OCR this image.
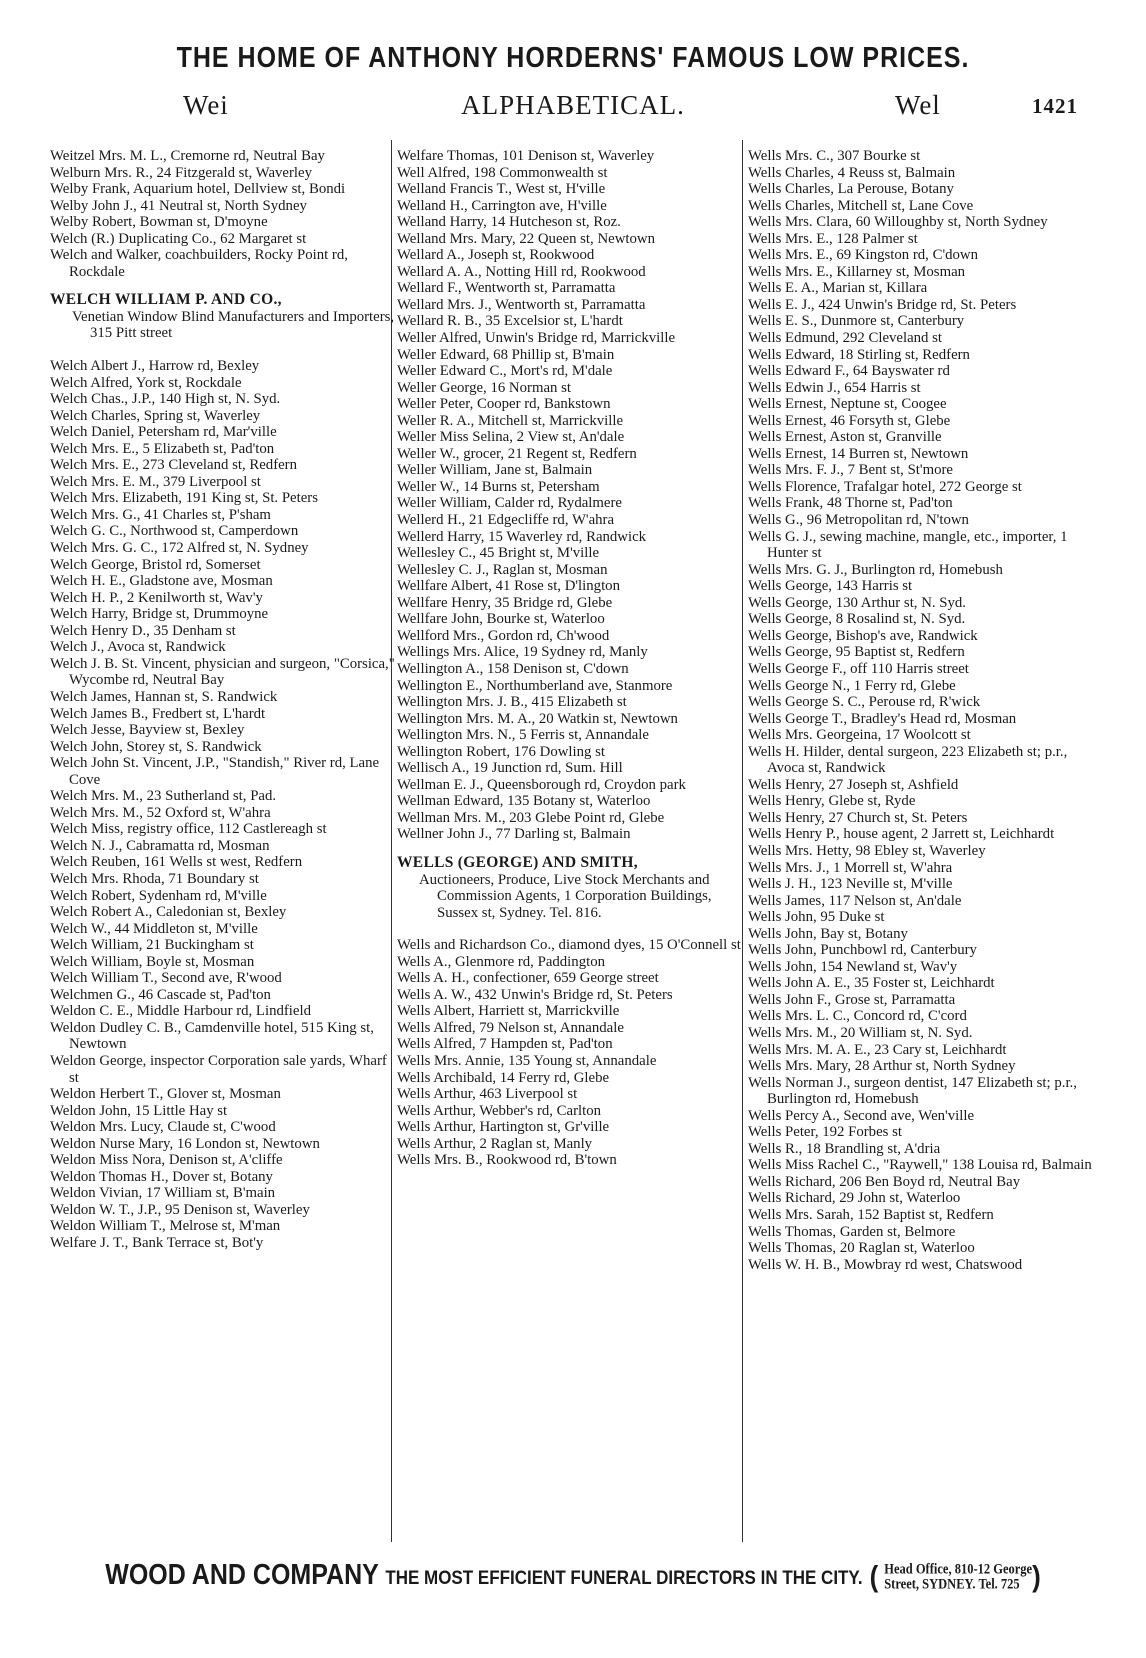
THE HOME OF ANTHONY HORDERNS' FAMOUS LOW PRICES.
Wei	ALPHABETICAL.	Wel	1421

Weitzel Mrs. M. L., Cremorne rd, Neutral Bay

Welburn Mrs. R., 24 Fitzgerald st, Waverley

Welby Frank, Aquarium hotel, Dellview st, Bondi

Welby John J., 41 Neutral st, North Sydney

Welby Robert, Bowman st, D'moyne

Welch (R.) Duplicating Co., 62 Margaret st

Welch and Walker, coachbuilders, Rocky Point rd, Rockdale

WELCH WILLIAM P. AND CO.,

Venetian Window Blind Manufacturers and Importers, 315 Pitt street

Welch Albert J., Harrow rd, Bexley

Welch Alfred, York st, Rockdale

Welch Chas., J.P., 140 High st, N. Syd.

Welch Charles, Spring st, Waverley

Welch Daniel, Petersham rd, Mar'ville

Welch Mrs. E., 5 Elizabeth st, Pad'ton

Welch Mrs. E., 273 Cleveland st, Redfern

Welch Mrs. E. M., 379 Liverpool st

Welch Mrs. Elizabeth, 191 King st, St. Peters

Welch Mrs. G., 41 Charles st, P'sham

Welch G. C., Northwood st, Camperdown

Welch Mrs. G. C., 172 Alfred st, N. Sydney

Welch George, Bristol rd, Somerset

Welch H. E., Gladstone ave, Mosman

Welch H. P., 2 Kenilworth st, Wav'y

Welch Harry, Bridge st, Drummoyne

Welch Henry D., 35 Denham st

Welch J., Avoca st, Randwick

Welch J. B. St. Vincent, physician and surgeon, "Corsica," Wycombe rd, Neutral Bay

Welch James, Hannan st, S. Randwick

Welch James B., Fredbert st, L'hardt

Welch Jesse, Bayview st, Bexley

Welch John, Storey st, S. Randwick

Welch John St. Vincent, J.P., "Standish," River rd, Lane Cove

Welch Mrs. M., 23 Sutherland st, Pad.

Welch Mrs. M., 52 Oxford st, W'ahra

Welch Miss, registry office, 112 Castlereagh st

Welch N. J., Cabramatta rd, Mosman

Welch Reuben, 161 Wells st west, Redfern

Welch Mrs. Rhoda, 71 Boundary st

Welch Robert, Sydenham rd, M'ville

Welch Robert A., Caledonian st, Bexley

Welch W., 44 Middleton st, M'ville

Welch William, 21 Buckingham st

Welch William, Boyle st, Mosman

Welch William T., Second ave, R'wood

Welchmen G., 46 Cascade st, Pad'ton

Weldon C. E., Middle Harbour rd, Lindfield

Weldon Dudley C. B., Camdenville hotel, 515 King st, Newtown

Weldon George, inspector Corporation sale yards, Wharf st

Weldon Herbert T., Glover st, Mosman

Weldon John, 15 Little Hay st

Weldon Mrs. Lucy, Claude st, C'wood

Weldon Nurse Mary, 16 London st, Newtown

Weldon Miss Nora, Denison st, A'cliffe

Weldon Thomas H., Dover st, Botany

Weldon Vivian, 17 William st, B'main

Weldon W. T., J.P., 95 Denison st, Waverley

Weldon William T., Melrose st, M'man

Welfare J. T., Bank Terrace st, Bot'y

Welfare Thomas, 101 Denison st, Waverley

Well Alfred, 198 Commonwealth st

Welland Francis T., West st, H'ville

Welland H., Carrington ave, H'ville

Welland Harry, 14 Hutcheson st, Roz.

Welland Mrs. Mary, 22 Queen st, Newtown

Wellard A., Joseph st, Rookwood

Wellard A. A., Notting Hill rd, Rookwood

Wellard F., Wentworth st, Parramatta

Wellard Mrs. J., Wentworth st, Parramatta

Wellard R. B., 35 Excelsior st, L'hardt

Weller Alfred, Unwin's Bridge rd, Marrickville

Weller Edward, 68 Phillip st, B'main

Weller Edward C., Mort's rd, M'dale

Weller George, 16 Norman st

Weller Peter, Cooper rd, Bankstown

Weller R. A., Mitchell st, Marrickville

Weller Miss Selina, 2 View st, An'dale

Weller W., grocer, 21 Regent st, Redfern

Weller William, Jane st, Balmain

Weller W., 14 Burns st, Petersham

Weller William, Calder rd, Rydalmere

Wellerd H., 21 Edgecliffe rd, W'ahra

Wellerd Harry, 15 Waverley rd, Randwick

Wellesley C., 45 Bright st, M'ville

Wellesley C. J., Raglan st, Mosman

Wellfare Albert, 41 Rose st, D'lington

Wellfare Henry, 35 Bridge rd, Glebe

Wellfare John, Bourke st, Waterloo

Wellford Mrs., Gordon rd, Ch'wood

Wellings Mrs. Alice, 19 Sydney rd, Manly

Wellington A., 158 Denison st, C'down

Wellington E., Northumberland ave, Stanmore

Wellington Mrs. J. B., 415 Elizabeth st

Wellington Mrs. M. A., 20 Watkin st, Newtown

Wellington Mrs. N., 5 Ferris st, Annandale

Wellington Robert, 176 Dowling st

Wellisch A., 19 Junction rd, Sum. Hill

Wellman E. J., Queensborough rd, Croydon park

Wellman Edward, 135 Botany st, Waterloo

Wellman Mrs. M., 203 Glebe Point rd, Glebe

Wellner John J., 77 Darling st, Balmain

WELLS (GEORGE) AND SMITH,

Auctioneers, Produce, Live Stock Merchants and Commission Agents, 1 Corporation Buildings, Sussex st, Sydney. Tel. 816.

Wells and Richardson Co., diamond dyes, 15 O'Connell st

Wells A., Glenmore rd, Paddington

Wells A. H., confectioner, 659 George street

Wells A. W., 432 Unwin's Bridge rd, St. Peters

Wells Albert, Harriett st, Marrickville

Wells Alfred, 79 Nelson st, Annandale

Wells Alfred, 7 Hampden st, Pad'ton

Wells Mrs. Annie, 135 Young st, Annandale

Wells Archibald, 14 Ferry rd, Glebe

Wells Arthur, 463 Liverpool st

Wells Arthur, Webber's rd, Carlton

Wells Arthur, Hartington st, Gr'ville

Wells Arthur, 2 Raglan st, Manly

Wells Mrs. B., Rookwood rd, B'town

Wells Mrs. C., 307 Bourke st

Wells Charles, 4 Reuss st, Balmain

Wells Charles, La Perouse, Botany

Wells Charles, Mitchell st, Lane Cove

Wells Mrs. Clara, 60 Willoughby st, North Sydney

Wells Mrs. E., 128 Palmer st

Wells Mrs. E., 69 Kingston rd, C'down

Wells Mrs. E., Killarney st, Mosman

Wells E. A., Marian st, Killara

Wells E. J., 424 Unwin's Bridge rd, St. Peters

Wells E. S., Dunmore st, Canterbury

Wells Edmund, 292 Cleveland st

Wells Edward, 18 Stirling st, Redfern

Wells Edward F., 64 Bayswater rd

Wells Edwin J., 654 Harris st

Wells Ernest, Neptune st, Coogee

Wells Ernest, 46 Forsyth st, Glebe

Wells Ernest, Aston st, Granville

Wells Ernest, 14 Burren st, Newtown

Wells Mrs. F. J., 7 Bent st, St'more

Wells Florence, Trafalgar hotel, 272 George st

Wells Frank, 48 Thorne st, Pad'ton

Wells G., 96 Metropolitan rd, N'town

Wells G. J., sewing machine, mangle, etc., importer, 1 Hunter st

Wells Mrs. G. J., Burlington rd, Homebush

Wells George, 143 Harris st

Wells George, 130 Arthur st, N. Syd.

Wells George, 8 Rosalind st, N. Syd.

Wells George, Bishop's ave, Randwick

Wells George, 95 Baptist st, Redfern

Wells George F., off 110 Harris street

Wells George N., 1 Ferry rd, Glebe

Wells George S. C., Perouse rd, R'wick

Wells George T., Bradley's Head rd, Mosman

Wells Mrs. Georgeina, 17 Woolcott st

Wells H. Hilder, dental surgeon, 223 Elizabeth st; p.r., Avoca st, Randwick

Wells Henry, 27 Joseph st, Ashfield

Wells Henry, Glebe st, Ryde

Wells Henry, 27 Church st, St. Peters

Wells Henry P., house agent, 2 Jarrett st, Leichhardt

Wells Mrs. Hetty, 98 Ebley st, Waverley

Wells Mrs. J., 1 Morrell st, W'ahra

Wells J. H., 123 Neville st, M'ville

Wells James, 117 Nelson st, An'dale

Wells John, 95 Duke st

Wells John, Bay st, Botany

Wells John, Punchbowl rd, Canterbury

Wells John, 154 Newland st, Wav'y

Wells John A. E., 35 Foster st, Leichhardt

Wells John F., Grose st, Parramatta

Wells Mrs. L. C., Concord rd, C'cord

Wells Mrs. M., 20 William st, N. Syd.

Wells Mrs. M. A. E., 23 Cary st, Leichhardt

Wells Mrs. Mary, 28 Arthur st, North Sydney

Wells Norman J., surgeon dentist, 147 Elizabeth st; p.r., Burlington rd, Homebush

Wells Percy A., Second ave, Wen'ville

Wells Peter, 192 Forbes st

Wells R., 18 Brandling st, A'dria

Wells Miss Rachel C., "Raywell," 138 Louisa rd, Balmain

Wells Richard, 206 Ben Boyd rd, Neutral Bay

Wells Richard, 29 John st, Waterloo

Wells Mrs. Sarah, 152 Baptist st, Redfern

Wells Thomas, Garden st, Belmore

Wells Thomas, 20 Raglan st, Waterloo

Wells W. H. B., Mowbray rd west, Chatswood

WOOD AND COMPANY THE MOST EFFICIENT FUNERAL DIRECTORS IN THE CITY. ( Head Office, 810-12 George
Street, SYDNEY. Tel. 725 )
